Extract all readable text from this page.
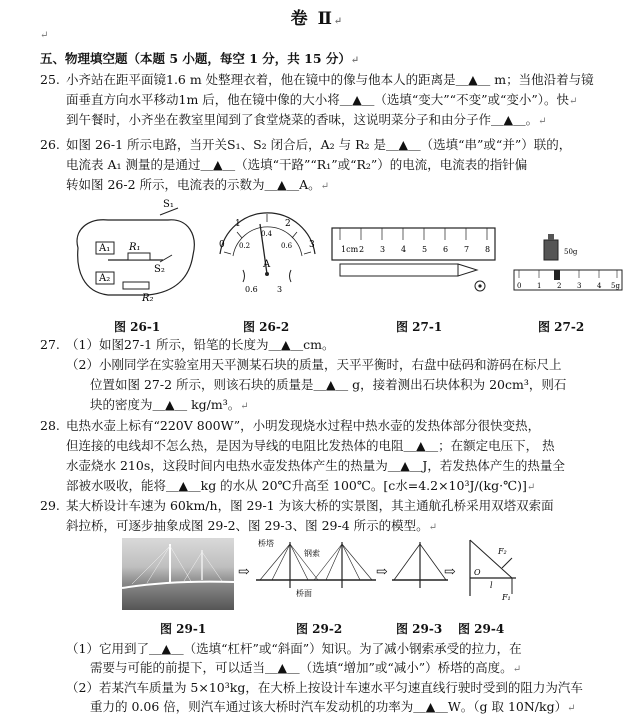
卷 Ⅱ↵
↵
五、物理填空题（本题 5 小题，每空 1 分，共 15 分）↵
25. 小齐站在距平面镜1.6 m 处整理衣着，他在镜中的像与他本人的距离是＿▲＿ m；当他沿着与镜
面垂直方向水平移动1m 后，他在镜中像的大小将＿▲＿（选填“变大”“不变”或“变小”）。快↵
到午餐时，小齐坐在教室里闻到了食堂烧菜的香味，这说明菜分子和由分子作＿▲＿。↵
26. 如图 26-1 所示电路，当开关S₁、S₂ 闭合后，A₂ 与 R₂ 是＿▲＿（选填“串”或“并”）联的，
电流表 A₁ 测量的是通过＿▲＿（选填“干路”“R₁”或“R₂”）的电流，电流表的指针偏
转如图 26-2 所示，电流表的示数为＿▲＿A。↵
S₁
A₁ R₁
S₂
A₂
R₂
0
1	2
3
0.2
0.4
0.6
A
0.6 3
1cm 2 3 4 5 6 7 8	50g
0 1 2 3 4 5g
图 26-1	图 26-2	图 27-1	图 27-2
27. （1）如图27-1 所示，铅笔的长度为＿▲＿cm。
（2）小刚同学在实验室用天平测某石块的质量，天平平衡时，右盘中砝码和游码在标尺上
位置如图 27-2 所示，则该石块的质量是＿▲＿ g，接着测出石块体积为 20cm³，则石
块的密度为＿▲＿ kg/m³。↵
28. 电热水壶上标有“220V 800W”，小明发现烧水过程中热水壶的发热体部分很快变热，
但连接的电线却不怎么热，是因为导线的电阻比发热体的电阻＿▲＿；在额定电压下， 热
水壶烧水 210s，这段时间内电热水壶发热体产生的热量为＿▲＿J，若发热体产生的热量全
部被水吸收，能将＿▲＿kg 的水从 20℃升高至 100℃。[c水=4.2×10³J/(kg·℃)]↵
29. 某大桥设计车速为 60km/h，图 29-1 为该大桥的实景图，其主通航孔桥采用双塔双索面
斜拉桥，可逐步抽象成图 29-2、图 29-3、图 29-4 所示的模型。↵
⇨	⇨	⇨
桥塔
钢索
桥面
F₂
F₁
O
l
图 29-1	图 29-2	图 29-3 图 29-4
（1）它用到了＿▲＿（选填“杠杆”或“斜面”）知识。为了减小钢索承受的拉力，在
需要与可能的前提下，可以适当＿▲＿（选填“增加”或“减小”）桥塔的高度。↵
（2）若某汽车质量为 5×10³kg，在大桥上按设计车速水平匀速直线行驶时受到的阻力为汽车
重力的 0.06 倍，则汽车通过该大桥时汽车发动机的功率为＿▲＿W。（g 取 10N/kg）↵
